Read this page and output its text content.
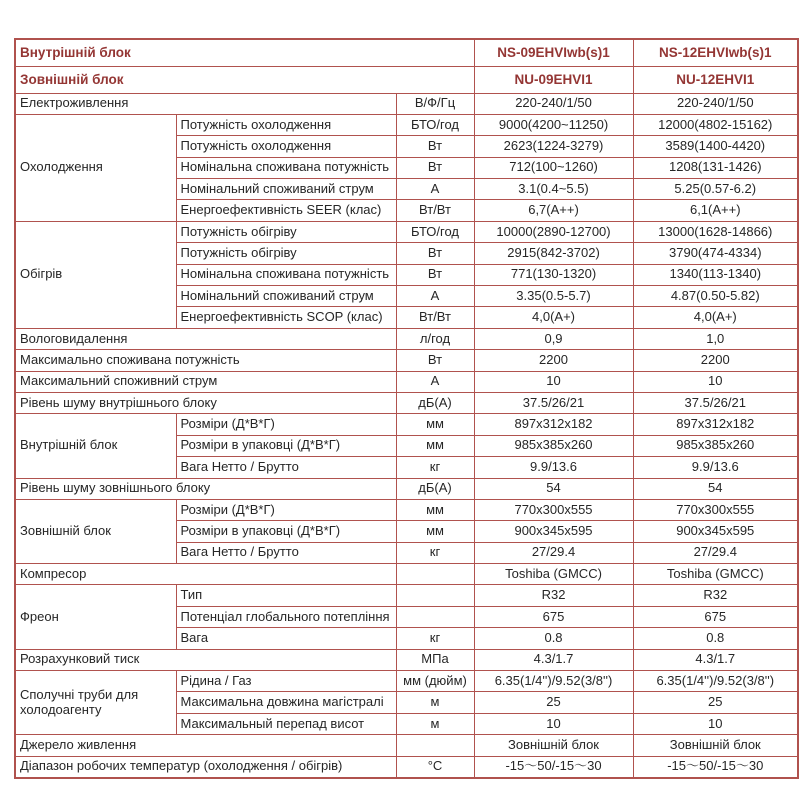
Внутрішній блок			NS-09EHVIwb(s)1	NS-12EHVIwb(s)1
Зовнішній блок			NU-09EHVI1	NU-12EHVI1
Електроживлення		В/Ф/Гц	220-240/1/50	220-240/1/50
Охолодження	Потужність охолодження	БТО/год	9000(4200~11250)	12000(4802-15162)
	Потужність охолодження	Вт	2623(1224-3279)	3589(1400-4420)
	Номінальна споживана потужність	Вт	712(100~1260)	1208(131-1426)
	Номінальний споживаний струм	А	3.1(0.4~5.5)	5.25(0.57-6.2)
	Енергоефективність SEER (клас)	Вт/Вт	6,7(A++)	6,1(A++)
Обігрів	Потужність обігріву	БТО/год	10000(2890-12700)	13000(1628-14866)
	Потужність обігріву	Вт	2915(842-3702)	3790(474-4334)
	Номінальна споживана потужність	Вт	771(130-1320)	1340(113-1340)
	Номінальний споживаний струм	А	3.35(0.5-5.7)	4.87(0.50-5.82)
	Енергоефективність SCOP (клас)	Вт/Вт	4,0(A+)	4,0(A+)
Вологовидалення		л/год	0,9	1,0
Максимально споживана потужність		Вт	2200	2200
Максимальний споживний струм		А	10	10
Рівень шуму внутрішнього блоку		дБ(А)	37.5/26/21	37.5/26/21
Внутрішній блок	Розміри (Д*В*Г)	мм	897x312x182	897x312x182
	Розміри в упаковці (Д*В*Г)	мм	985x385x260	985x385x260
	Вага Нетто / Брутто	кг	9.9/13.6	9.9/13.6
Рівень шуму зовнішнього блоку		дБ(А)	54	54
Зовнішній блок	Розміри (Д*В*Г)	мм	770x300x555	770x300x555
	Розміри в упаковці (Д*В*Г)	мм	900x345x595	900x345x595
	Вага Нетто / Брутто	кг	27/29.4	27/29.4
Компресор			Toshiba (GMCC)	Toshiba (GMCC)
Фреон	Тип		R32	R32
	Потенціал глобального потепління		675	675
	Вага	кг	0.8	0.8
Розрахунковий тиск		МПа	4.3/1.7	4.3/1.7
Сполучні труби для холодоагенту	Рідина / Газ	мм (дюйм)	6.35(1/4'')/9.52(3/8'')	6.35(1/4'')/9.52(3/8'')
	Максимальна довжина магістралі	м	25	25
	Максимальный перепад висот	м	10	10
Джерело живлення			Зовнішній блок	Зовнішній блок
Діапазон робочих температур (охолодження / обігрів)		°C	-15～50/-15～30	-15～50/-15～30
